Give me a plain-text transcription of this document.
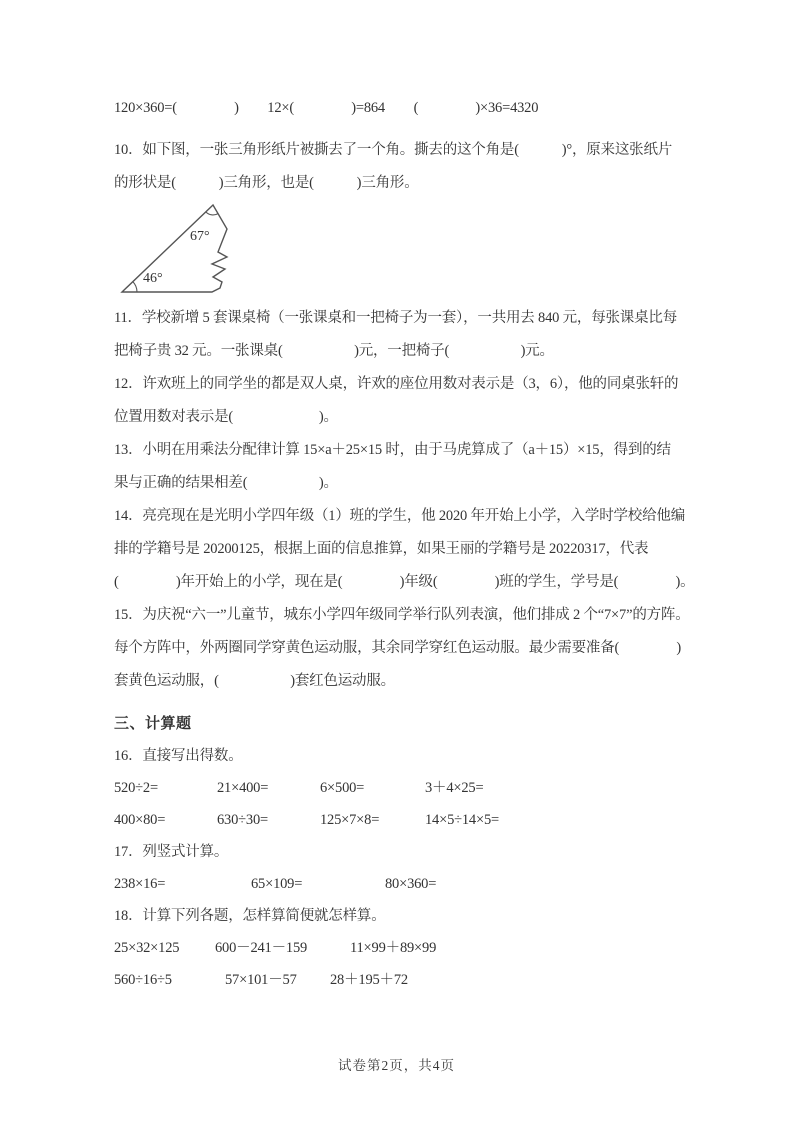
120×360=(　　　　)　　12×(　　　　)=864　　(　　　　)×36=4320
10．如下图，一张三角形纸片被撕去了一个角。撕去的这个角是(　　　)°，原来这张纸片
的形状是(　　　)三角形，也是(　　　)三角形。
67°
46°
11．学校新增 5 套课桌椅（一张课桌和一把椅子为一套），一共用去 840 元，每张课桌比每
把椅子贵 32 元。一张课桌(　　　　　)元，一把椅子(　　　　　)元。
12．许欢班上的同学坐的都是双人桌，许欢的座位用数对表示是（3，6），他的同桌张轩的
位置用数对表示是(　　　　　　)。
13．小明在用乘法分配律计算 15×a＋25×15 时，由于马虎算成了（a＋15）×15，得到的结
果与正确的结果相差(　　　　　)。
14．亮亮现在是光明小学四年级（1）班的学生，他 2020 年开始上小学，入学时学校给他编
排的学籍号是 20200125，根据上面的信息推算，如果王丽的学籍号是 20220317，代表
(　　　　)年开始上的小学，现在是(　　　　)年级(　　　　)班的学生，学号是(　　　　)。
15．为庆祝“六一”儿童节，城东小学四年级同学举行队列表演，他们排成 2 个“7×7”的方阵。
每个方阵中，外两圈同学穿黄色运动服，其余同学穿红色运动服。最少需要准备(　　　　)
套黄色运动服，(　　　　　)套红色运动服。
三、计算题
16．直接写出得数。
520÷2=	21×400=	6×500=	3＋4×25=
400×80=	630÷30=	125×7×8=	14×5÷14×5=
17．列竖式计算。
238×16=	65×109=	80×360=
18．计算下列各题，怎样算简便就怎样算。
25×32×125	600－241－159	11×99＋89×99
560÷16÷5	57×101－57	28＋195＋72
试卷第2页，共4页
